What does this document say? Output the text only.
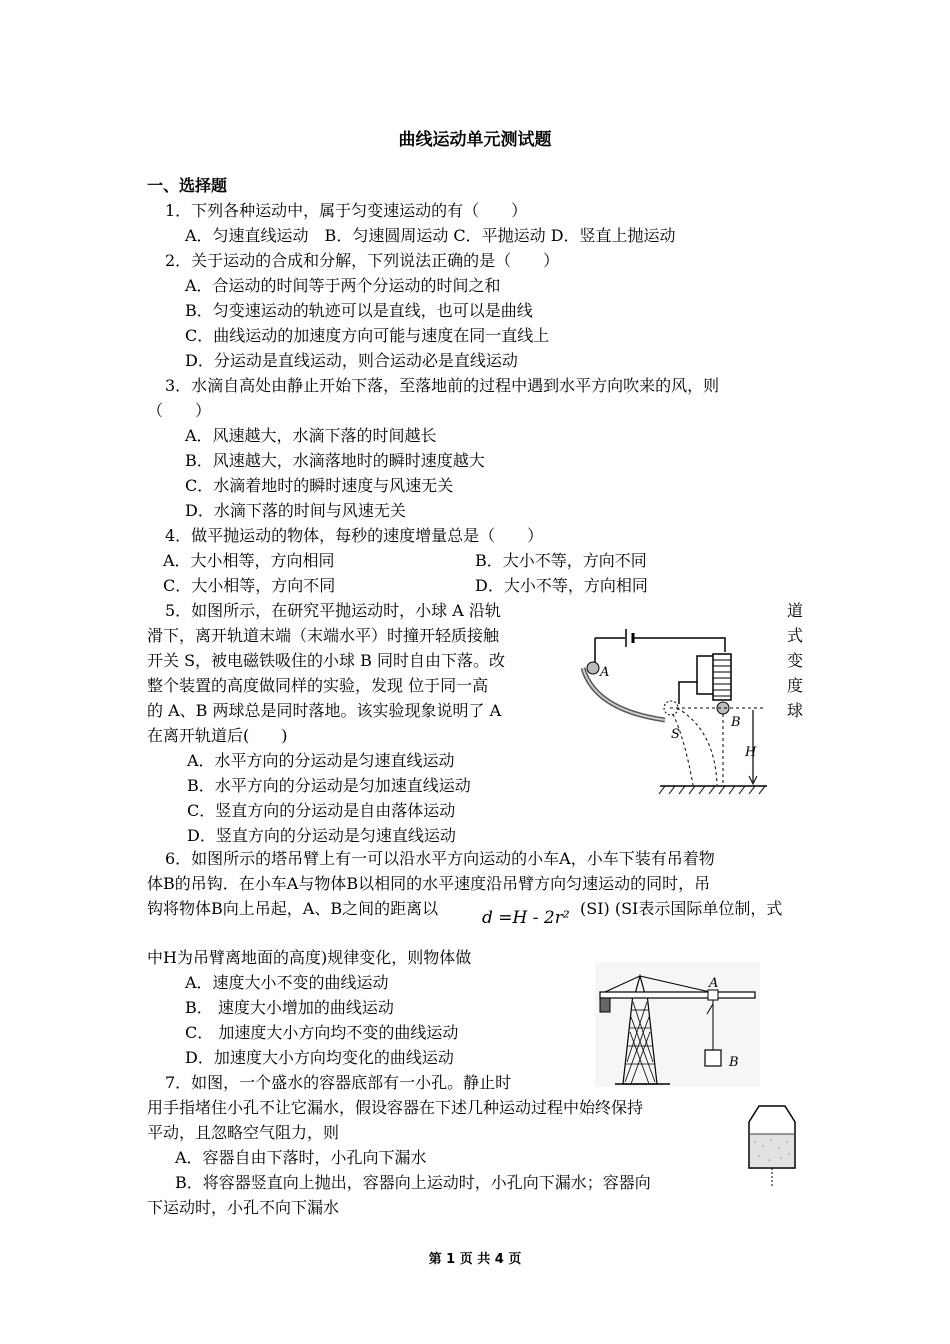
曲线运动单元测试题
一、选择题
1．下列各种运动中，属于匀变速运动的有（　　）
A．匀速直线运动　B．匀速圆周运动 C．平抛运动 D．竖直上抛运动
2．关于运动的合成和分解，下列说法正确的是（　　）
A．合运动的时间等于两个分运动的时间之和
B．匀变速运动的轨迹可以是直线，也可以是曲线
C．曲线运动的加速度方向可能与速度在同一直线上
D．分运动是直线运动，则合运动必是直线运动
3．水滴自高处由静止开始下落，至落地前的过程中遇到水平方向吹来的风，则
（　　）
A．风速越大，水滴下落的时间越长
B．风速越大，水滴落地时的瞬时速度越大
C．水滴着地时的瞬时速度与风速无关
D．水滴下落的时间与风速无关
4．做平抛运动的物体，每秒的速度增量总是（　　）
A．大小相等，方向相同	B．大小不等，方向不同
C．大小相等，方向不同	D．大小不等，方向相同
5．如图所示，在研究平抛运动时，小球 A 沿轨
滑下，离开轨道末端（末端水平）时撞开轻质接触
开关 S，被电磁铁吸住的小球 B 同时自由下落。改
整个装置的高度做同样的实验，发现 位于同一高
的 A、B 两球总是同时落地。该实验现象说明了 A
在离开轨道后(　　)
道
式
变
度
球
A．水平方向的分运动是匀速直线运动
B．水平方向的分运动是匀加速直线运动
C．竖直方向的分运动是自由落体运动
D．竖直方向的分运动是匀速直线运动
A
B
S
H
6．如图所示的塔吊臂上有一可以沿水平方向运动的小车A，小车下装有吊着物
体B的吊钩．在小车A与物体B以相同的水平速度沿吊臂方向匀速运动的同时，吊
钩将物体B向上吊起，A、B之间的距离以	d =H - 2r² (SI) (SI表示国际单位制，式
中H为吊臂离地面的高度)规律变化，则物体做
A．速度大小不变的曲线运动
B． 速度大小增加的曲线运动
C． 加速度大小方向均不变的曲线运动
D．加速度大小方向均变化的曲线运动
A
B
7．如图，一个盛水的容器底部有一小孔。静止时
用手指堵住小孔不让它漏水，假设容器在下述几种运动过程中始终保持
平动，且忽略空气阻力，则
A．容器自由下落时，小孔向下漏水
B．将容器竖直向上抛出，容器向上运动时，小孔向下漏水；容器向
下运动时，小孔不向下漏水
第 1 页 共 4 页
